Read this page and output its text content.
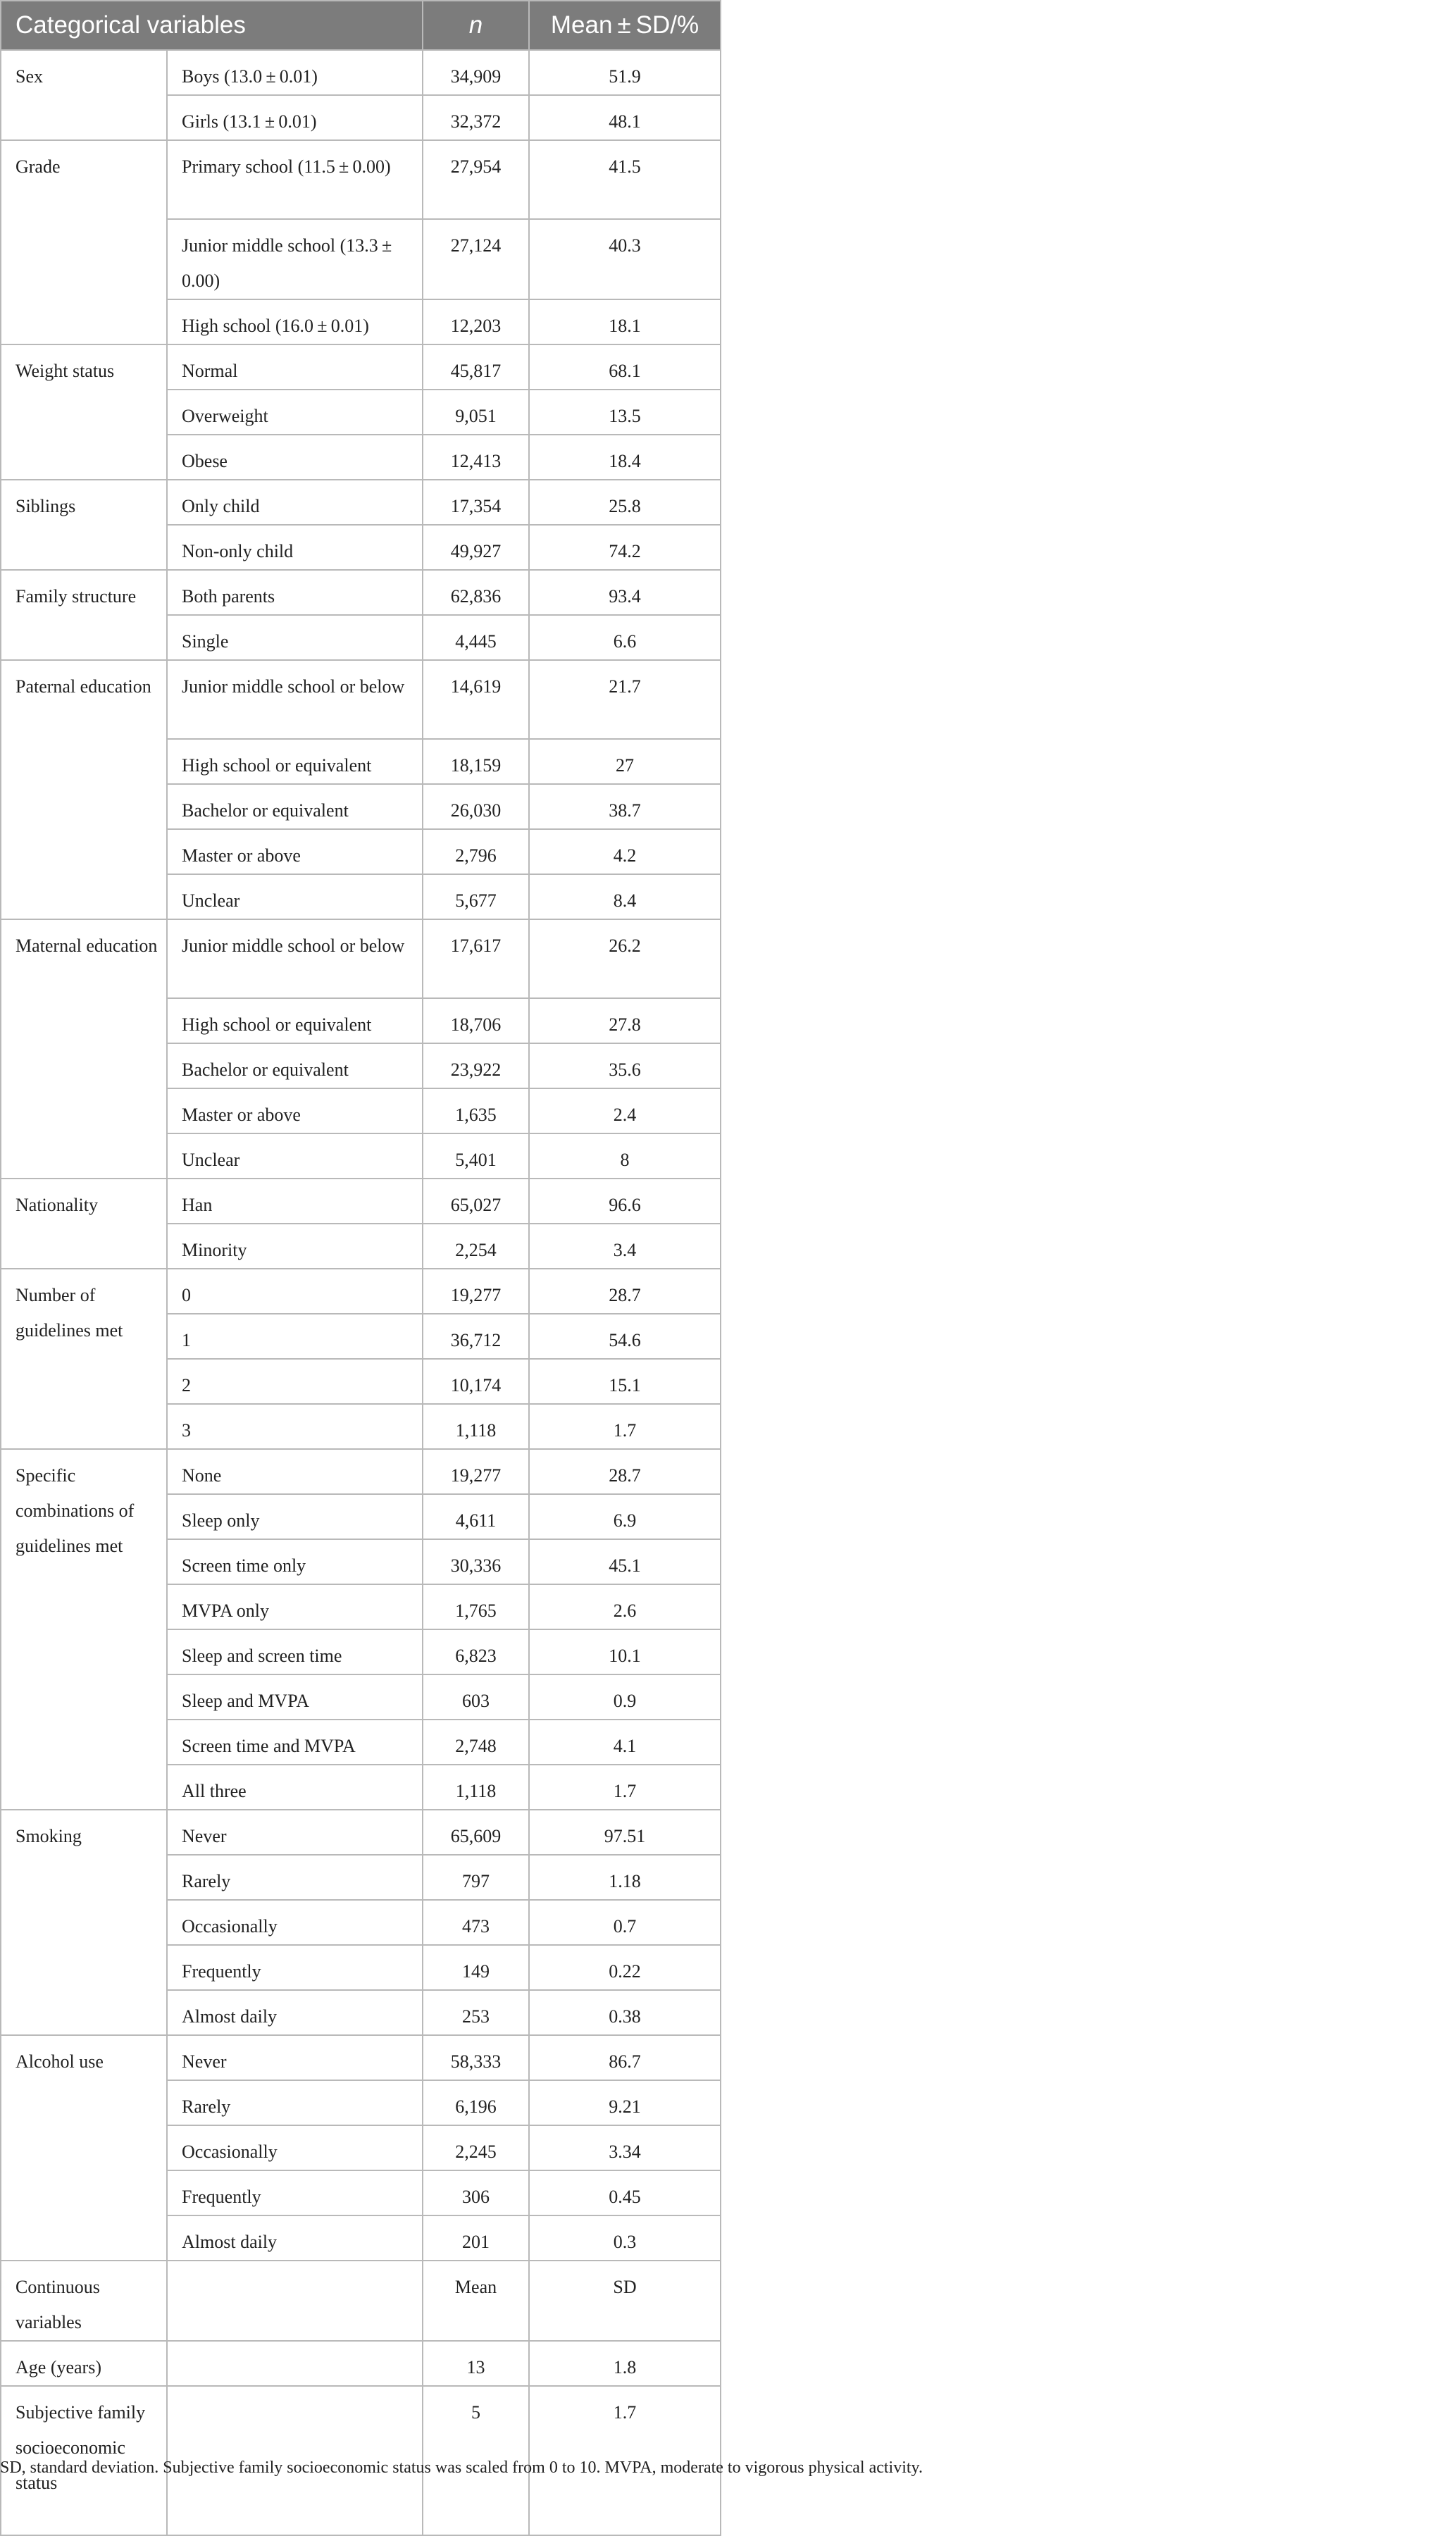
Categorical variables		n	Mean ± SD/%
Sex	Boys (13.0 ± 0.01)	34,909	51.9
	Girls (13.1 ± 0.01)	32,372	48.1
Grade	Primary school (11.5 ± 0.00)	27,954	41.5
	Junior middle school (13.3 ± 0.00)	27,124	40.3
	High school (16.0 ± 0.01)	12,203	18.1
Weight status	Normal	45,817	68.1
	Overweight	9,051	13.5
	Obese	12,413	18.4
Siblings	Only child	17,354	25.8
	Non-only child	49,927	74.2
Family structure	Both parents	62,836	93.4
	Single	4,445	6.6
Paternal education	Junior middle school or below	14,619	21.7
	High school or equivalent	18,159	27
	Bachelor or equivalent	26,030	38.7
	Master or above	2,796	4.2
	Unclear	5,677	8.4
Maternal education	Junior middle school or below	17,617	26.2
	High school or equivalent	18,706	27.8
	Bachelor or equivalent	23,922	35.6
	Master or above	1,635	2.4
	Unclear	5,401	8
Nationality	Han	65,027	96.6
	Minority	2,254	3.4
Number of guidelines met	0	19,277	28.7
	1	36,712	54.6
	2	10,174	15.1
	3	1,118	1.7
Specific combinations of guidelines met	None	19,277	28.7
	Sleep only	4,611	6.9
	Screen time only	30,336	45.1
	MVPA only	1,765	2.6
	Sleep and screen time	6,823	10.1
	Sleep and MVPA	603	0.9
	Screen time and MVPA	2,748	4.1
	All three	1,118	1.7
Smoking	Never	65,609	97.51
	Rarely	797	1.18
	Occasionally	473	0.7
	Frequently	149	0.22
	Almost daily	253	0.38
Alcohol use	Never	58,333	86.7
	Rarely	6,196	9.21
	Occasionally	2,245	3.34
	Frequently	306	0.45
	Almost daily	201	0.3
Continuous variables		Mean	SD
Age (years)		13	1.8
Subjective family socioeconomic status		5	1.7
SD, standard deviation. Subjective family socioeconomic status was scaled from 0 to 10. MVPA, moderate to vigorous physical activity.
